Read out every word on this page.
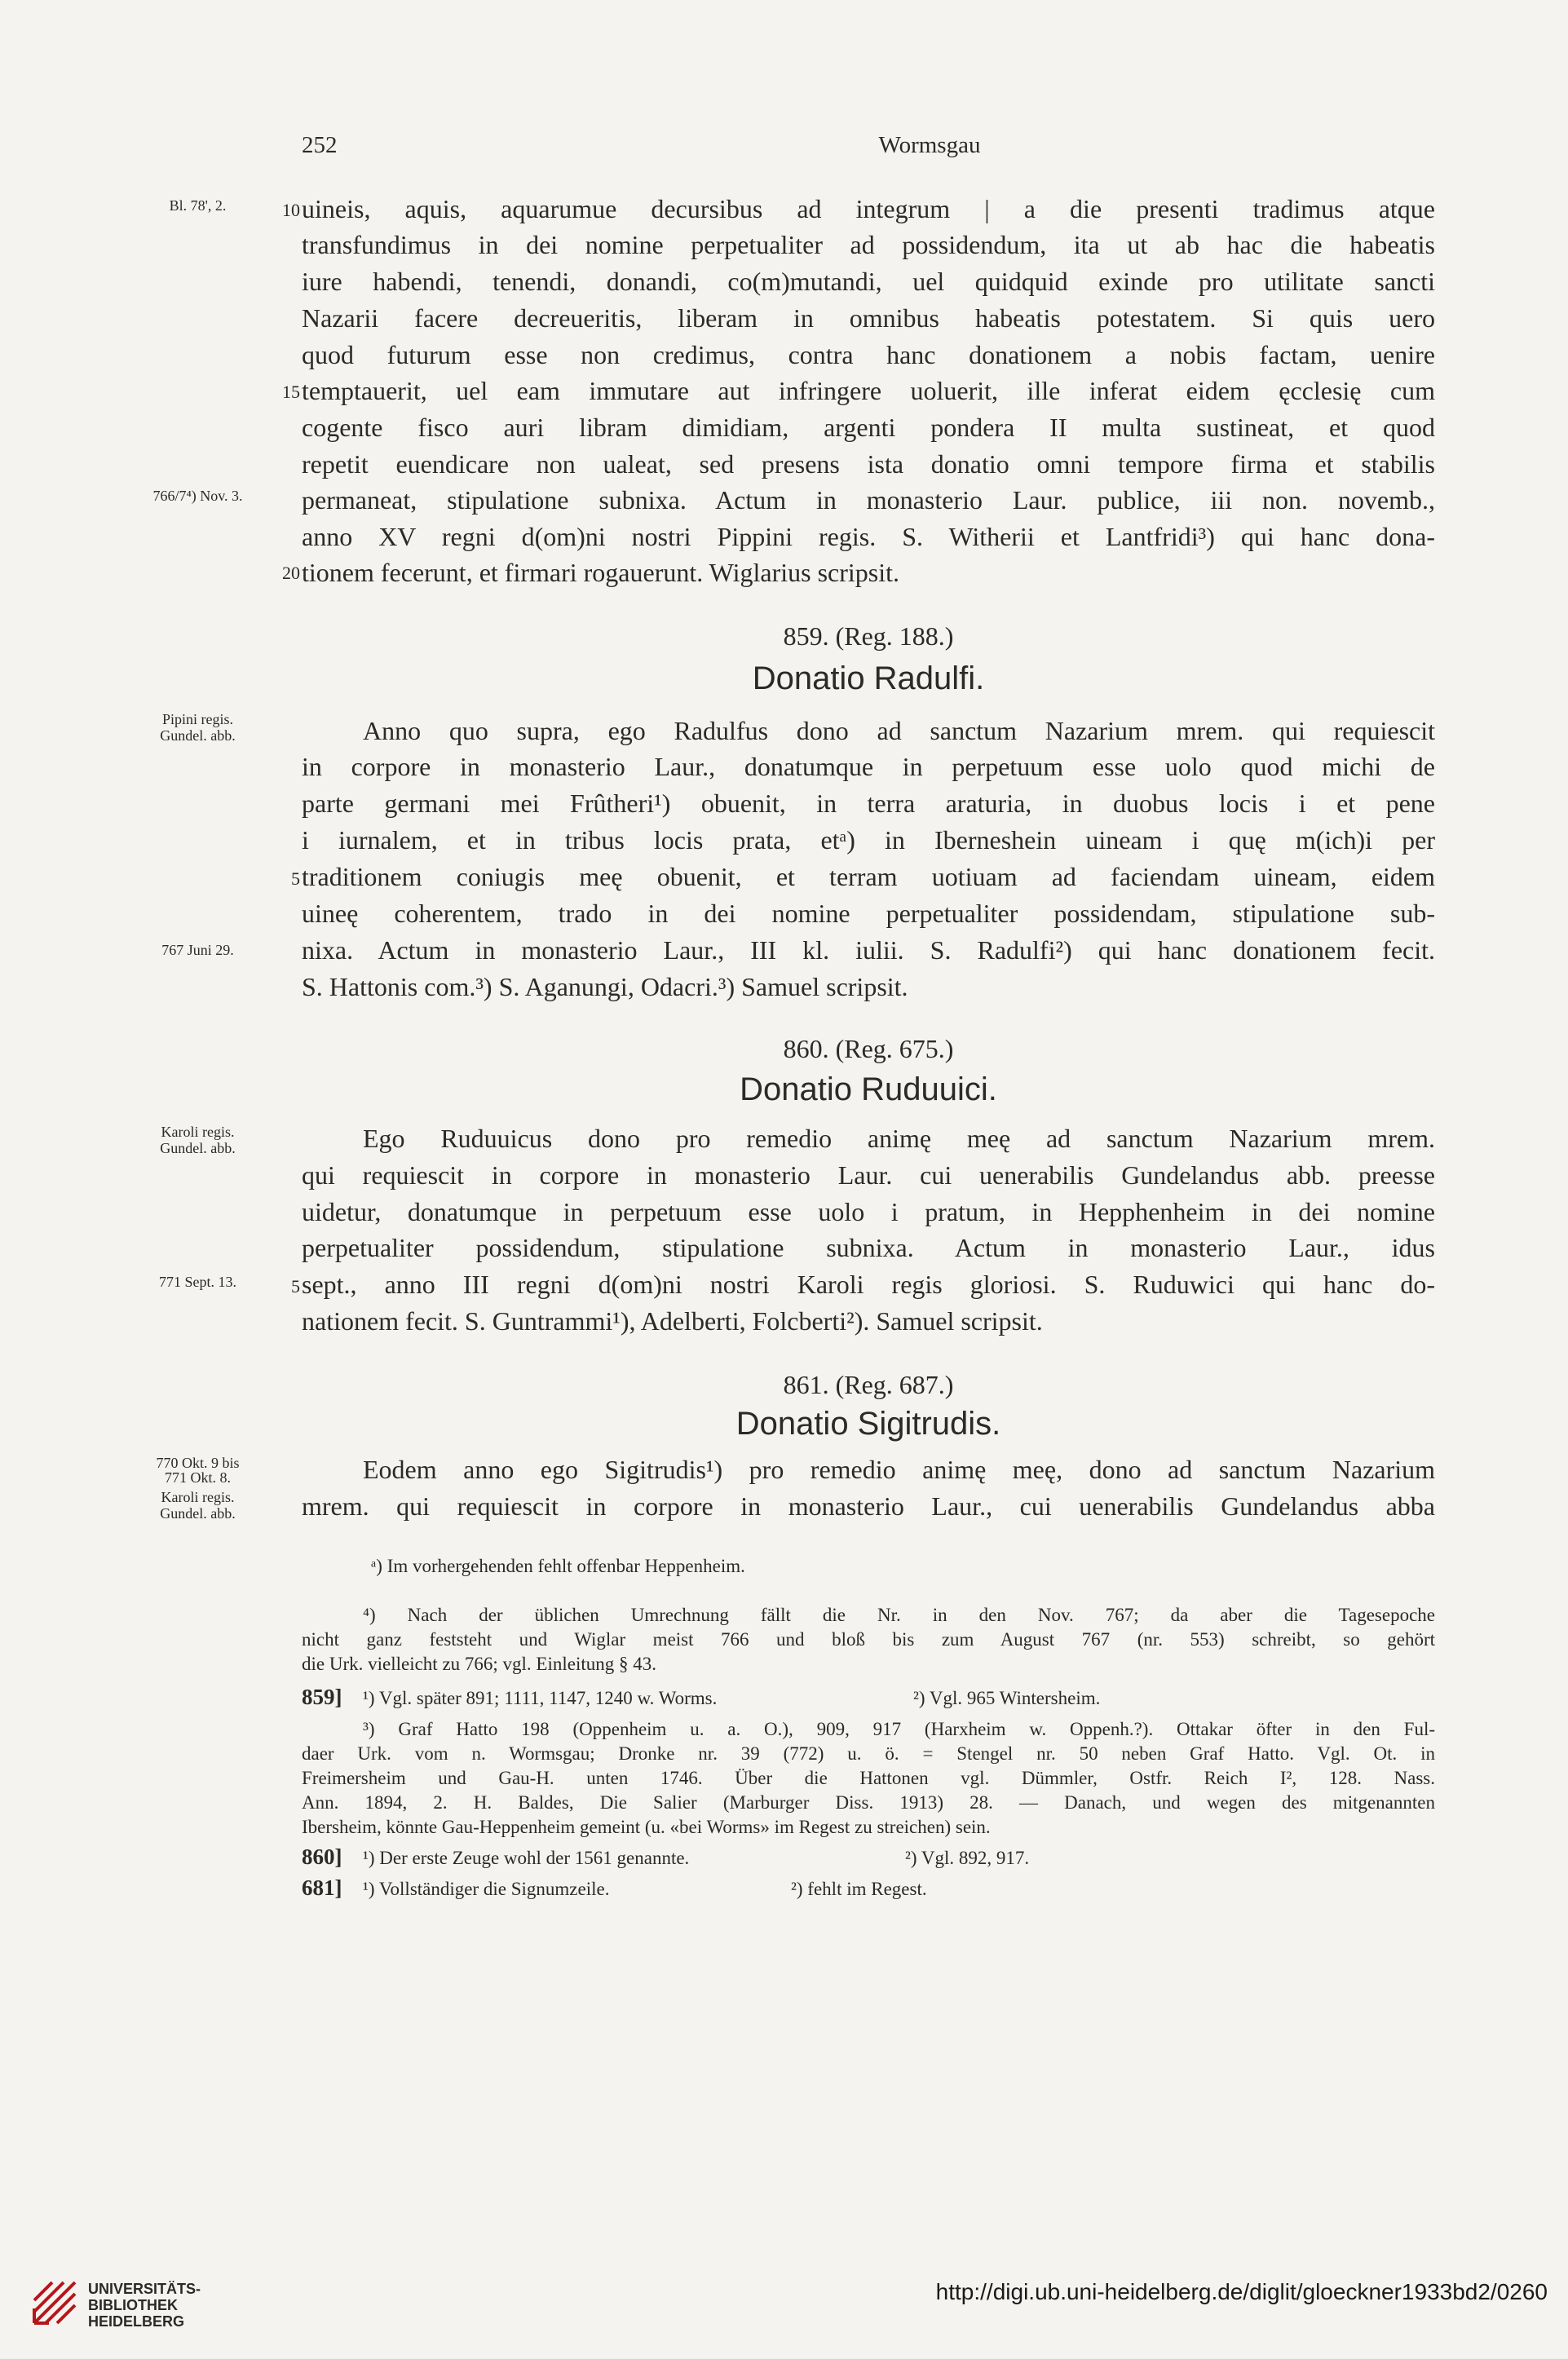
252	Wormsgau
Bl. 78', 2.
766/7⁴) Nov. 3.
Pipini regis.
Gundel. abb.
767 Juni 29.
Karoli regis.
Gundel. abb.
771 Sept. 13.
770 Okt. 9 bis
771 Okt. 8.
Karoli regis.
Gundel. abb.
10
15
20
5
5
uineis, aquis, aquarumue decursibus ad integrum | a die presenti tradimus atque
transfundimus in dei nomine perpetualiter ad possidendum, ita ut ab hac die habeatis
iure habendi, tenendi, donandi, co(m)mutandi, uel quidquid exinde pro utilitate sancti
Nazarii facere decreueritis, liberam in omnibus habeatis potestatem. Si quis uero
quod futurum esse non credimus, contra hanc donationem a nobis factam, uenire
temptauerit, uel eam immutare aut infringere uoluerit, ille inferat eidem ęcclesię cum
cogente fisco auri libram dimidiam, argenti pondera II multa sustineat, et quod
repetit euendicare non ualeat, sed presens ista donatio omni tempore firma et stabilis
permaneat, stipulatione subnixa. Actum in monasterio Laur. publice, iii non. novemb.,
anno XV regni d(om)ni nostri Pippini regis. S. Witherii et Lantfridi³) qui hanc dona-
tionem fecerunt, et firmari rogauerunt. Wiglarius scripsit.
859. (Reg. 188.)
Donatio Radulfi.
Anno quo supra, ego Radulfus dono ad sanctum Nazarium mrem. qui requiescit
in corpore in monasterio Laur., donatumque in perpetuum esse uolo quod michi de
parte germani mei Frûtheri¹) obuenit, in terra araturia, in duobus locis i et pene
i iurnalem, et in tribus locis prata, etᵃ) in Iberneshein uineam i quę m(ich)i per
traditionem coniugis meę obuenit, et terram uotiuam ad faciendam uineam, eidem
uineę coherentem, trado in dei nomine perpetualiter possidendam, stipulatione sub-
nixa. Actum in monasterio Laur., III kl. iulii. S. Radulfi²) qui hanc donationem fecit.
S. Hattonis com.³) S. Aganungi, Odacri.³) Samuel scripsit.
860. (Reg. 675.)
Donatio Ruduuici.
Ego Ruduuicus dono pro remedio animę meę ad sanctum Nazarium mrem.
qui requiescit in corpore in monasterio Laur. cui uenerabilis Gundelandus abb. preesse
uidetur, donatumque in perpetuum esse uolo i pratum, in Hepphenheim in dei nomine
perpetualiter possidendum, stipulatione subnixa. Actum in monasterio Laur., idus
sept., anno III regni d(om)ni nostri Karoli regis gloriosi. S. Ruduwici qui hanc do-
nationem fecit. S. Guntrammi¹), Adelberti, Folcberti²). Samuel scripsit.
861. (Reg. 687.)
Donatio Sigitrudis.
Eodem anno ego Sigitrudis¹) pro remedio animę meę, dono ad sanctum Nazarium
mrem. qui requiescit in corpore in monasterio Laur., cui uenerabilis Gundelandus abba
ᵃ) Im vorhergehenden fehlt offenbar Heppenheim.
⁴) Nach der üblichen Umrechnung fällt die Nr. in den Nov. 767; da aber die Tagesepoche
nicht ganz feststeht und Wiglar meist 766 und bloß bis zum August 767 (nr. 553) schreibt, so gehört
die Urk. vielleicht zu 766; vgl. Einleitung § 43.
859] ¹) Vgl. später 891; 1111, 1147, 1240 w. Worms.	²) Vgl. 965 Wintersheim.
³) Graf Hatto 198 (Oppenheim u. a. O.), 909, 917 (Harxheim w. Oppenh.?). Ottakar öfter in den Ful-
daer Urk. vom n. Wormsgau; Dronke nr. 39 (772) u. ö. = Stengel nr. 50 neben Graf Hatto. Vgl. Ot. in
Freimersheim und Gau-H. unten 1746. Über die Hattonen vgl. Dümmler, Ostfr. Reich I², 128. Nass.
Ann. 1894, 2. H. Baldes, Die Salier (Marburger Diss. 1913) 28. — Danach, und wegen des mitgenannten
Ibersheim, könnte Gau-Heppenheim gemeint (u. «bei Worms» im Regest zu streichen) sein.
860] ¹) Der erste Zeuge wohl der 1561 genannte.	²) Vgl. 892, 917.
681] ¹) Vollständiger die Signumzeile.	²) fehlt im Regest.
UNIVERSITÄTS-
BIBLIOTHEK
HEIDELBERG
http://digi.ub.uni-heidelberg.de/diglit/gloeckner1933bd2/0260
